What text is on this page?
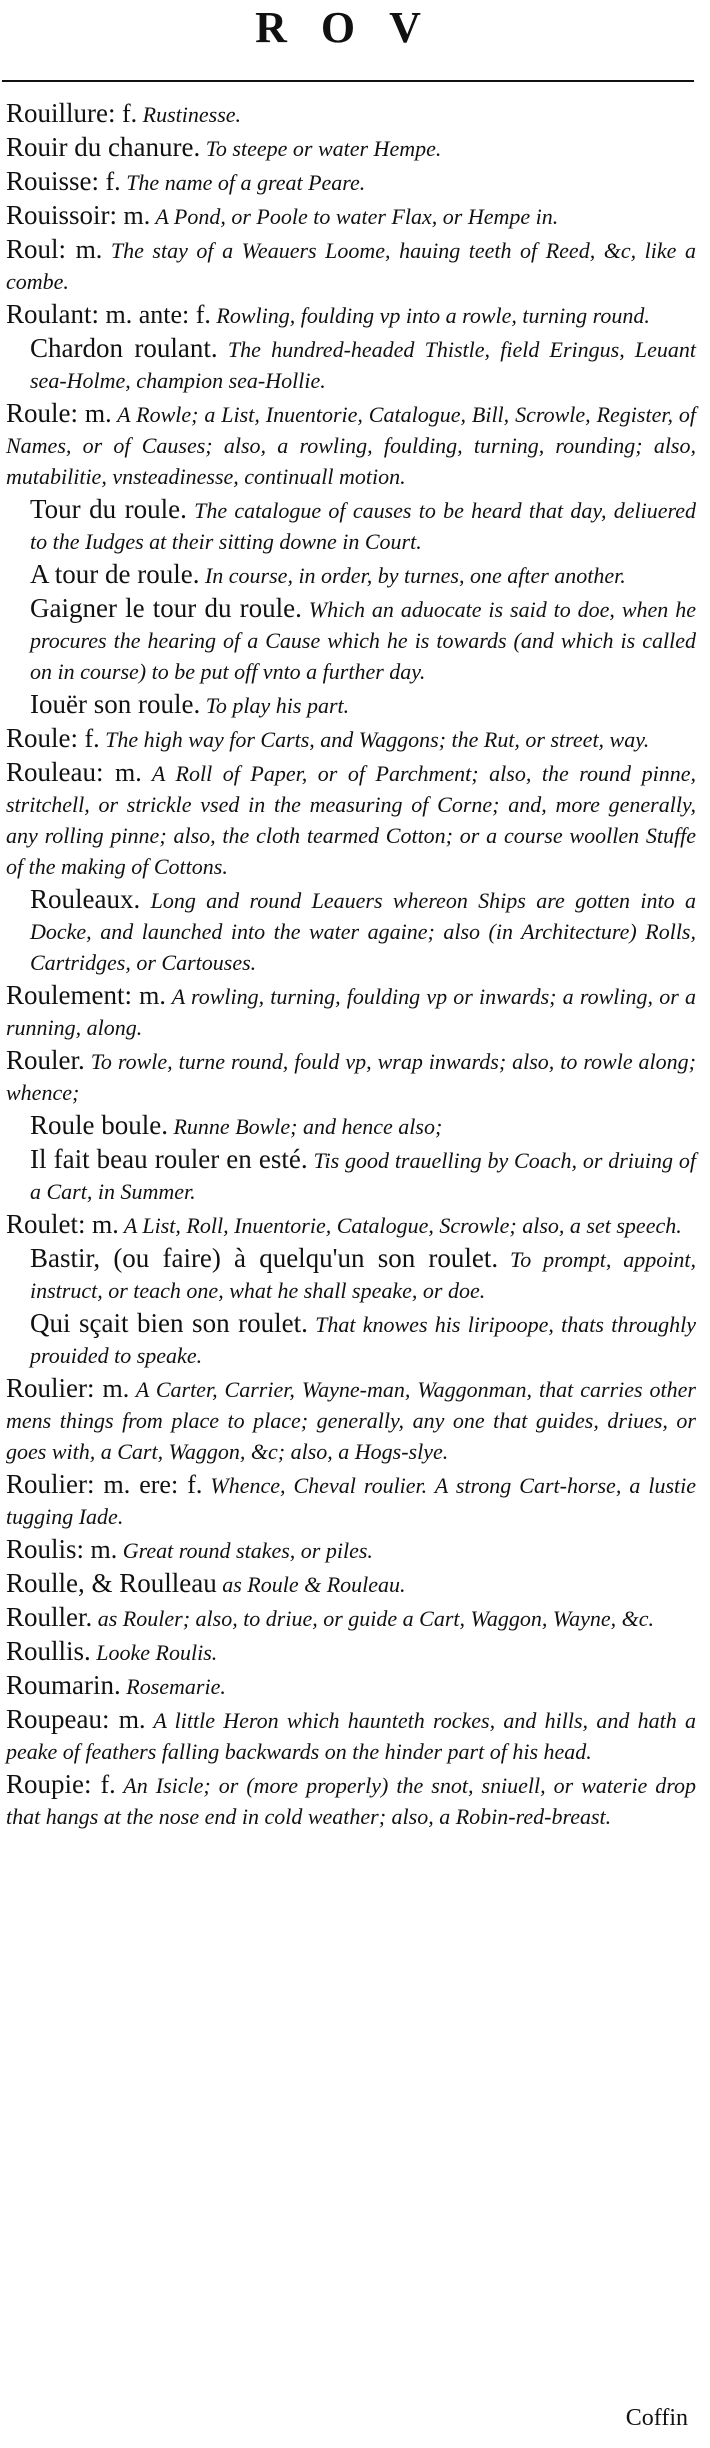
ROV

Rouillure: f. Rustinesse.

Rouir du chanure. To steepe or water Hempe.

Rouisse: f. The name of a great Peare.

Rouissoir: m. A Pond, or Poole to water Flax, or Hempe in.

Roul: m. The stay of a Weauers Loome, hauing teeth of Reed, &c, like a combe.

Roulant: m. ante: f. Rowling, foulding vp into a rowle, turning round.

Chardon roulant. The hundred-headed Thistle, field Eringus, Leuant sea-Holme, champion sea-Hollie.

Roule: m. A Rowle; a List, Inuentorie, Catalogue, Bill, Scrowle, Register, of Names, or of Causes; also, a rowling, foulding, turning, rounding; also, mutabilitie, vnsteadinesse, continuall motion.

Tour du roule. The catalogue of causes to be heard that day, deliuered to the Iudges at their sitting downe in Court.

A tour de roule. In course, in order, by turnes, one after another.

Gaigner le tour du roule. Which an aduocate is said to doe, when he procures the hearing of a Cause which he is towards (and which is called on in course) to be put off vnto a further day.

Iouër son roule. To play his part.

Roule: f. The high way for Carts, and Waggons; the Rut, or street, way.

Rouleau: m. A Roll of Paper, or of Parchment; also, the round pinne, stritchell, or strickle vsed in the measuring of Corne; and, more generally, any rolling pinne; also, the cloth tearmed Cotton; or a course woollen Stuffe of the making of Cottons.

Rouleaux. Long and round Leauers whereon Ships are gotten into a Docke, and launched into the water againe; also (in Architecture) Rolls, Cartridges, or Cartouses.

Roulement: m. A rowling, turning, foulding vp or inwards; a rowling, or a running, along.

Rouler. To rowle, turne round, fould vp, wrap inwards; also, to rowle along; whence;

Roule boule. Runne Bowle; and hence also;

Il fait beau rouler en esté. Tis good trauelling by Coach, or driuing of a Cart, in Summer.

Roulet: m. A List, Roll, Inuentorie, Catalogue, Scrowle; also, a set speech.

Bastir, (ou faire) à quelqu'un son roulet. To prompt, appoint, instruct, or teach one, what he shall speake, or doe.

Qui sçait bien son roulet. That knowes his liripoope, thats throughly prouided to speake.

Roulier: m. A Carter, Carrier, Wayne-man, Waggonman, that carries other mens things from place to place; generally, any one that guides, driues, or goes with, a Cart, Waggon, &c; also, a Hogs-slye.

Roulier: m. ere: f. Whence, Cheval roulier. A strong Cart-horse, a lustie tugging Iade.

Roulis: m. Great round stakes, or piles.

Roulle, & Roulleau as Roule & Rouleau.

Rouller. as Rouler; also, to driue, or guide a Cart, Waggon, Wayne, &c.

Roullis. Looke Roulis.

Roumarin. Rosemarie.

Roupeau: m. A little Heron which haunteth rockes, and hills, and hath a peake of feathers falling backwards on the hinder part of his head.

Roupie: f. An Isicle; or (more properly) the snot, sniuell, or waterie drop that hangs at the nose end in cold weather; also, a Robin-red-breast.

Coffin
